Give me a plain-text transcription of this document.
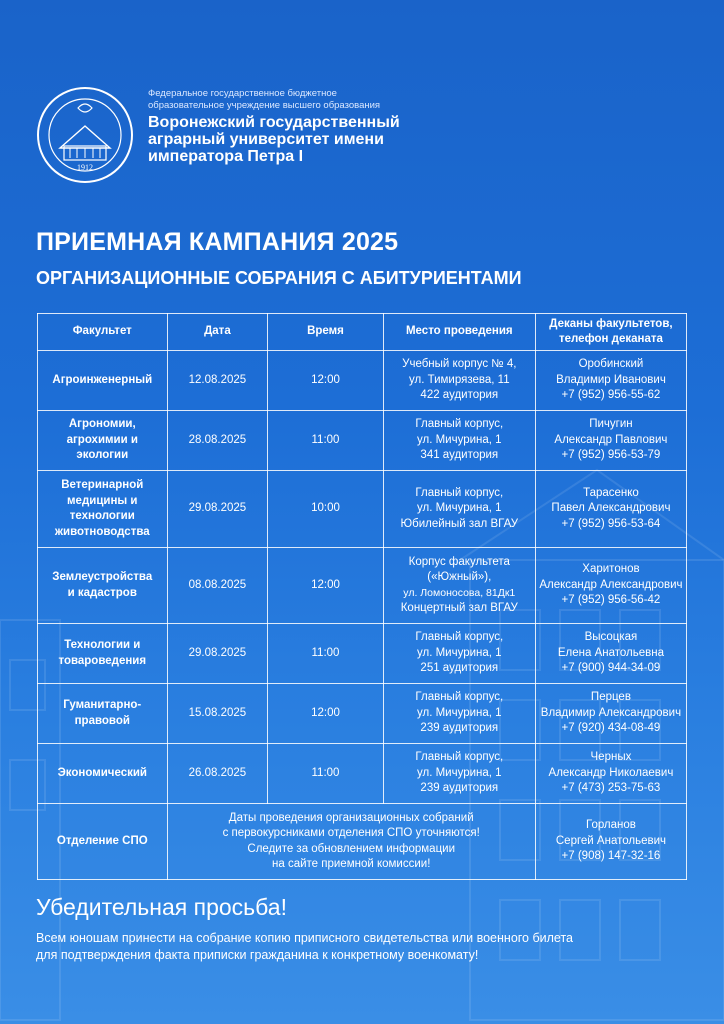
1912
Федеральное государственное бюджетное
образовательное учреждение высшего образования
Воронежский государственный
аграрный университет имени
императора Петра I
ПРИЕМНАЯ КАМПАНИЯ 2025
ОРГАНИЗАЦИОННЫЕ СОБРАНИЯ С АБИТУРИЕНТАМИ
Факультет	Дата	Время	Место проведения	Деканы факультетов,
телефон деканата

Агроинженерный	12.08.2025	12:00	Учебный корпус № 4,
ул. Тимирязева, 11
422 аудитория	Оробинский
Владимир Иванович
+7 (952) 956-55-62

Агрономии,
агрохимии и
экологии	28.08.2025	11:00	Главный корпус,
ул. Мичурина, 1
341 аудитория	Пичугин
Александр Павлович
+7 (952) 956-53-79

Ветеринарной
медицины и
технологии
животноводства	29.08.2025	10:00	Главный корпус,
ул. Мичурина, 1
Юбилейный зал ВГАУ	Тарасенко
Павел Александрович
+7 (952) 956-53-64

Землеустройства
и кадастров	08.08.2025	12:00	Корпус факультета
(«Южный»),
ул. Ломоносова, 81Дк1
Концертный зал ВГАУ	Харитонов
Александр Александрович
+7 (952) 956-56-42

Технологии и
товароведения	29.08.2025	11:00	Главный корпус,
ул. Мичурина, 1
251 аудитория	Высоцкая
Елена Анатольевна
+7 (900) 944-34-09

Гуманитарно-
правовой	15.08.2025	12:00	Главный корпус,
ул. Мичурина, 1
239 аудитория	Перцев
Владимир Александрович
+7 (920) 434-08-49

Экономический	26.08.2025	11:00	Главный корпус,
ул. Мичурина, 1
239 аудитория	Черных
Александр Николаевич
+7 (473) 253-75-63

Отделение СПО	Даты проведения организационных собраний
с первокурсниками отделения СПО уточняются!
Следите за обновлением информации
на сайте приемной комиссии!			Горланов
Сергей Анатольевич
+7 (908) 147-32-16
Убедительная просьба!
Всем юношам принести на собрание копию приписного свидетельства или военного билета
для подтверждения факта приписки гражданина к конкретному военкомату!
